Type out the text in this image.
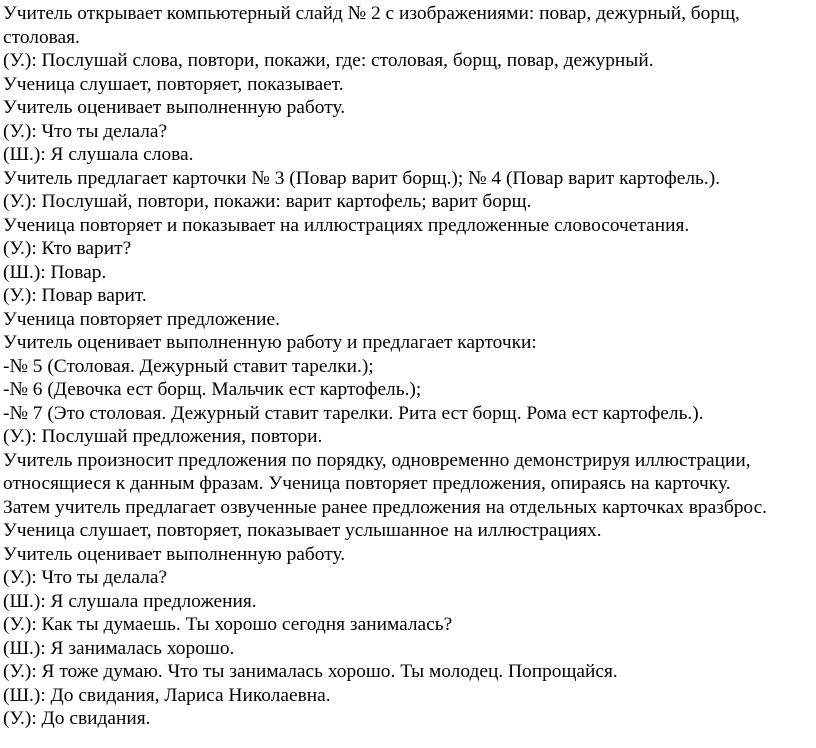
Учитель открывает компьютерный слайд № 2 с изображениями: повар, дежурный, борщ, столовая.

(У.): Послушай слова, повтори, покажи, где: столовая, борщ, повар, дежурный.

Ученица слушает, повторяет, показывает.

Учитель оценивает выполненную работу.

(У.): Что ты делала?

(Ш.): Я слушала слова.

Учитель предлагает карточки № 3 (Повар варит борщ.); № 4 (Повар варит картофель.).

(У.): Послушай, повтори, покажи: варит картофель; варит борщ.

Ученица повторяет и показывает на иллюстрациях предложенные словосочетания.

(У.): Кто варит?

(Ш.): Повар.

(У.): Повар варит.

Ученица повторяет предложение.

Учитель оценивает выполненную работу и предлагает карточки:

-№ 5 (Столовая. Дежурный ставит тарелки.);

-№ 6 (Девочка ест борщ. Мальчик ест картофель.);

-№ 7 (Это столовая. Дежурный ставит тарелки. Рита ест борщ. Рома ест картофель.).

(У.): Послушай предложения, повтори.

Учитель произносит предложения по порядку, одновременно демонстрируя иллюстрации, относящиеся к данным фразам. Ученица повторяет предложения, опираясь на карточку.

Затем учитель предлагает озвученные ранее предложения на отдельных карточках вразброс. Ученица слушает, повторяет, показывает услышанное на иллюстрациях.

Учитель оценивает выполненную работу.

(У.): Что ты делала?

(Ш.): Я слушала предложения.

(У.): Как ты думаешь. Ты хорошо сегодня занималась?

(Ш.): Я занималась хорошо.

(У.): Я тоже думаю. Что ты занималась хорошо. Ты молодец. Попрощайся.

(Ш.): До свидания, Лариса Николаевна.

(У.): До свидания.
